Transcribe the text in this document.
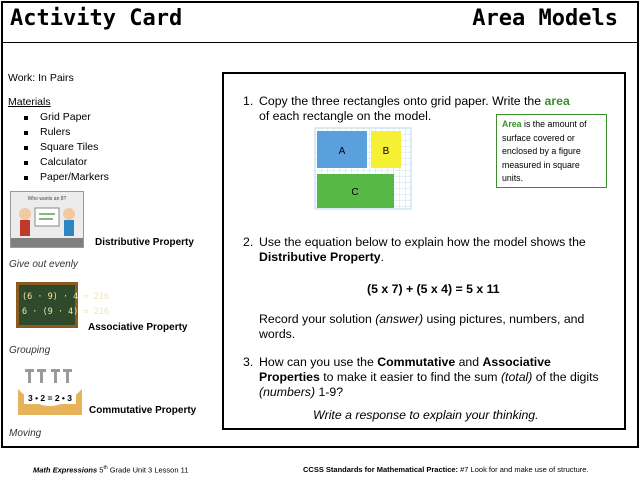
Activity Card	Area Models
Work: In Pairs
Materials
Grid Paper
Rulers
Square Tiles
Calculator
Paper/Markers
Who wants an 8?
Distributive Property
Give out evenly
(6 · 9) · 4 = 216
6 · (9 · 4) = 216
Associative Property
Grouping
3 • 2 = 2 • 3
Commutative Property
Moving
1. Copy the three rectangles onto grid paper. Write the area
of each rectangle on the model.
A	B
C
Area is the amount of surface covered or enclosed by a figure measured in square units.
2. Use the equation below to explain how the model shows the Distributive Property.
(5 x 7) + (5 x 4) = 5 x 11
Record your solution (answer) using pictures, numbers, and words.
3. How can you use the Commutative and Associative Properties to make it easier to find the sum (total) of the digits (numbers) 1-9?
Write a response to explain your thinking.
Math Expressions 5th Grade Unit 3 Lesson 11	CCSS Standards for Mathematical Practice: #7 Look for and make use of structure.
